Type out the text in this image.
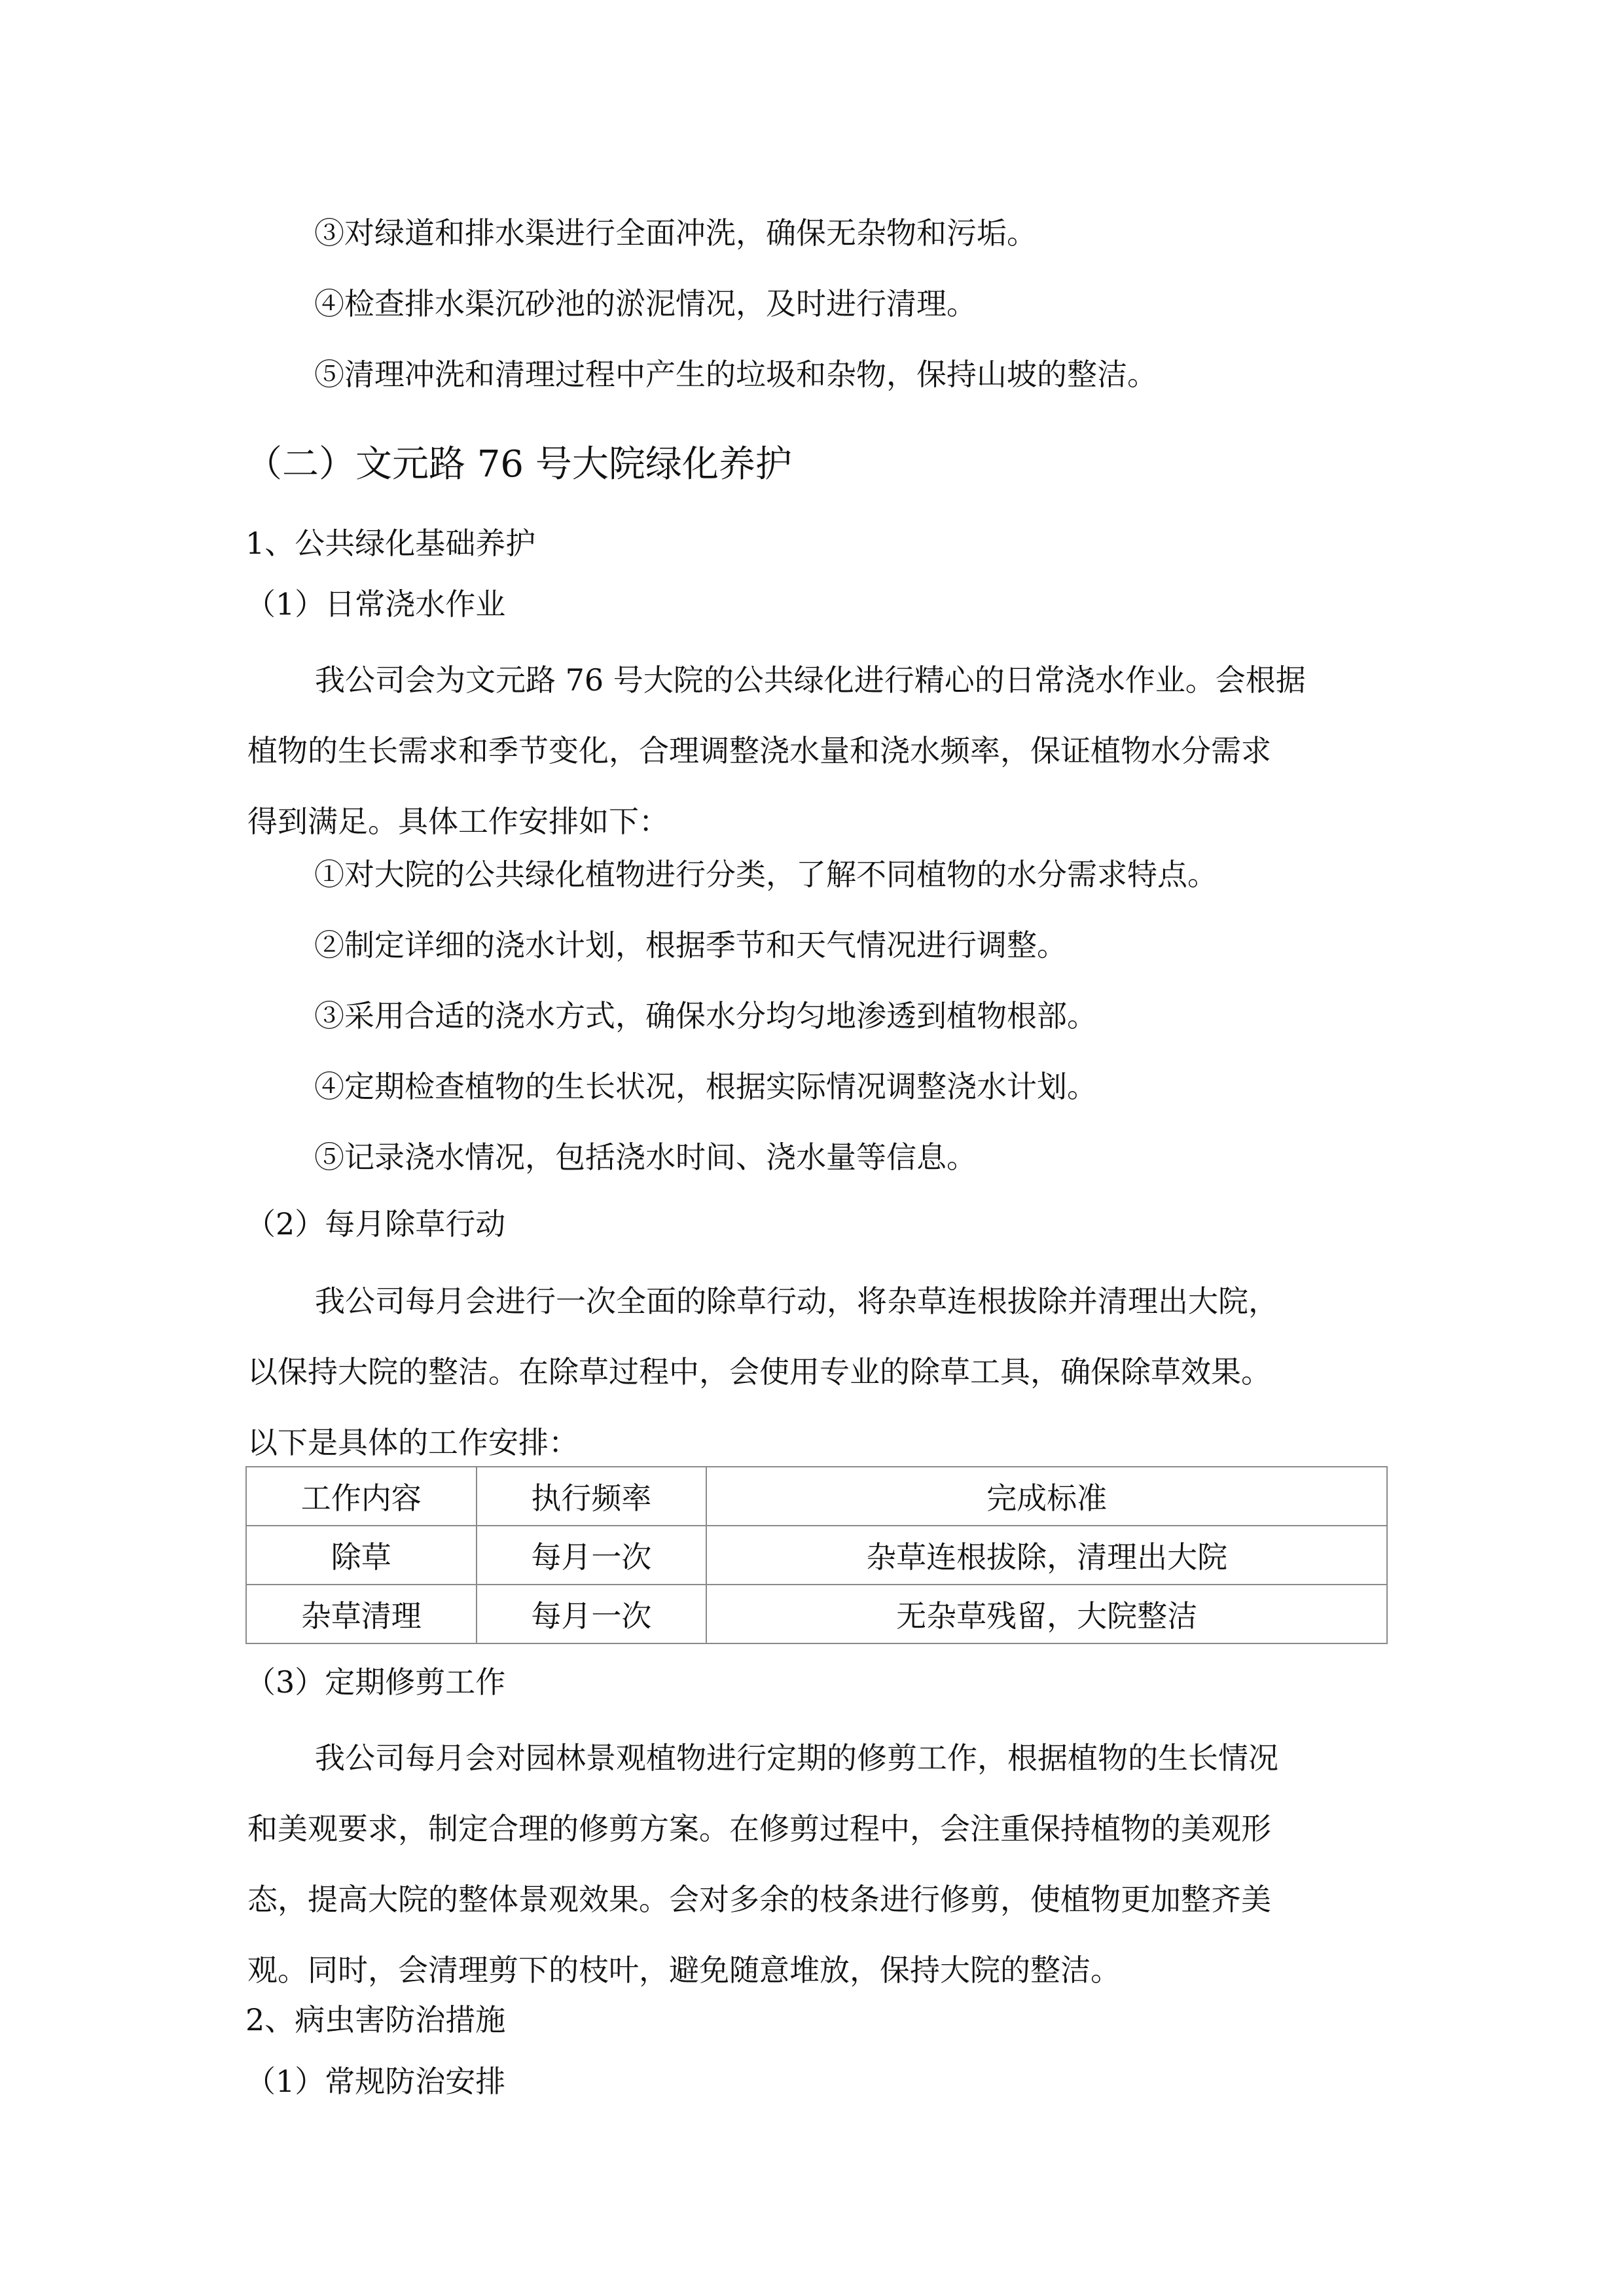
③对绿道和排水渠进行全面冲洗，确保无杂物和污垢。
④检查排水渠沉砂池的淤泥情况，及时进行清理。
⑤清理冲洗和清理过程中产生的垃圾和杂物，保持山坡的整洁。
（二）文元路 76 号大院绿化养护
1、公共绿化基础养护
（1）日常浇水作业
我公司会为文元路 76 号大院的公共绿化进行精心的日常浇水作业。会根据
植物的生长需求和季节变化，合理调整浇水量和浇水频率，保证植物水分需求
得到满足。具体工作安排如下：
①对大院的公共绿化植物进行分类，了解不同植物的水分需求特点。
②制定详细的浇水计划，根据季节和天气情况进行调整。
③采用合适的浇水方式，确保水分均匀地渗透到植物根部。
④定期检查植物的生长状况，根据实际情况调整浇水计划。
⑤记录浇水情况，包括浇水时间、浇水量等信息。
（2）每月除草行动
我公司每月会进行一次全面的除草行动，将杂草连根拔除并清理出大院，
以保持大院的整洁。在除草过程中，会使用专业的除草工具，确保除草效果。
以下是具体的工作安排：
工作内容	执行频率	完成标准
除草	每月一次	杂草连根拔除，清理出大院
杂草清理	每月一次	无杂草残留，大院整洁
（3）定期修剪工作
我公司每月会对园林景观植物进行定期的修剪工作，根据植物的生长情况
和美观要求，制定合理的修剪方案。在修剪过程中，会注重保持植物的美观形
态，提高大院的整体景观效果。会对多余的枝条进行修剪，使植物更加整齐美
观。同时，会清理剪下的枝叶，避免随意堆放，保持大院的整洁。
2、病虫害防治措施
（1）常规防治安排
